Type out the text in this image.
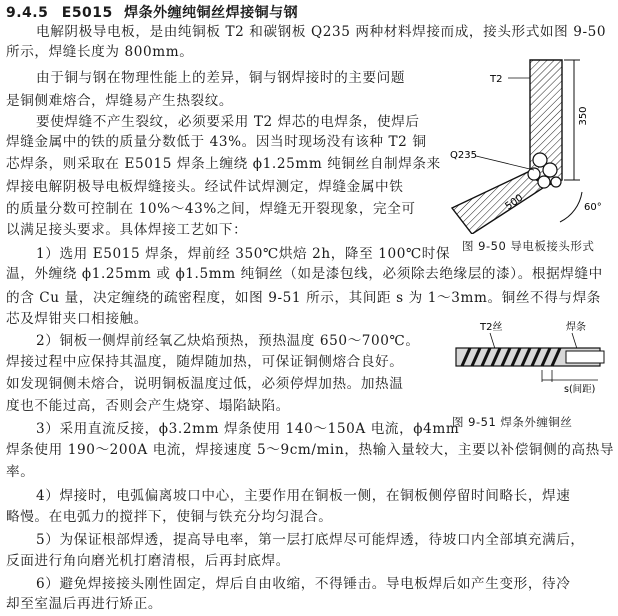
9.4.5 E5015 焊条外缠纯铜丝焊接铜与钢
电解阴极导电板，是由纯铜板 T2 和碳钢板 Q235 两种材料焊接而成，接头形式如图 9-50
所示，焊缝长度为 800mm。
由于铜与钢在物理性能上的差异，铜与钢焊接时的主要问题
是铜侧难熔合，焊缝易产生热裂纹。
要使焊缝不产生裂纹，必须要采用 T2 焊芯的电焊条，使焊后
焊缝金属中的铁的质量分数低于 43%。因当时现场没有该种 T2 铜
芯焊条，则采取在 E5015 焊条上缠绕 ϕ1.25mm 纯铜丝自制焊条来
焊接电解阴极导电板焊缝接头。经试件试焊测定，焊缝金属中铁
的质量分数可控制在 10%～43%之间，焊缝无开裂现象，完全可
以满足接头要求。具体焊接工艺如下：
1）选用 E5015 焊条，焊前经 350℃烘焙 2h，降至 100℃时保
温，外缠绕 ϕ1.25mm 或 ϕ1.5mm 纯铜丝（如是漆包线，必须除去绝缘层的漆）。根据焊缝中
的含 Cu 量，决定缠绕的疏密程度，如图 9-51 所示，其间距 s 为 1～3mm。铜丝不得与焊条
芯及焊钳夹口相接触。
2）铜板一侧焊前经氧乙炔焰预热，预热温度 650～700℃。
焊接过程中应保持其温度，随焊随加热，可保证铜侧熔合良好。
如发现铜侧未熔合，说明铜板温度过低，必须停焊加热。加热温
度也不能过高，否则会产生烧穿、塌陷缺陷。
3）采用直流反接，ϕ3.2mm 焊条使用 140～150A 电流，ϕ4mm
焊条使用 190～200A 电流，焊接速度 5～9cm/min，热输入量较大，主要以补偿铜侧的高热导
率。
4）焊接时，电弧偏离坡口中心，主要作用在铜板一侧，在铜板侧停留时间略长，焊速
略慢。在电弧力的搅拌下，使铜与铁充分均匀混合。
5）为保证根部焊透，提高导电率，第一层打底焊尽可能焊透，待坡口内全部填充满后，
反面进行角向磨光机打磨清根，后再封底焊。
6）避免焊接接头刚性固定，焊后自由收缩，不得锤击。导电板焊后如产生变形，待冷
却至室温后再进行矫正。
350
60°
500
T2
Q235
图 9-50 导电板接头形式
T2丝	焊条
s(间距)
图 9-51 焊条外缠铜丝
